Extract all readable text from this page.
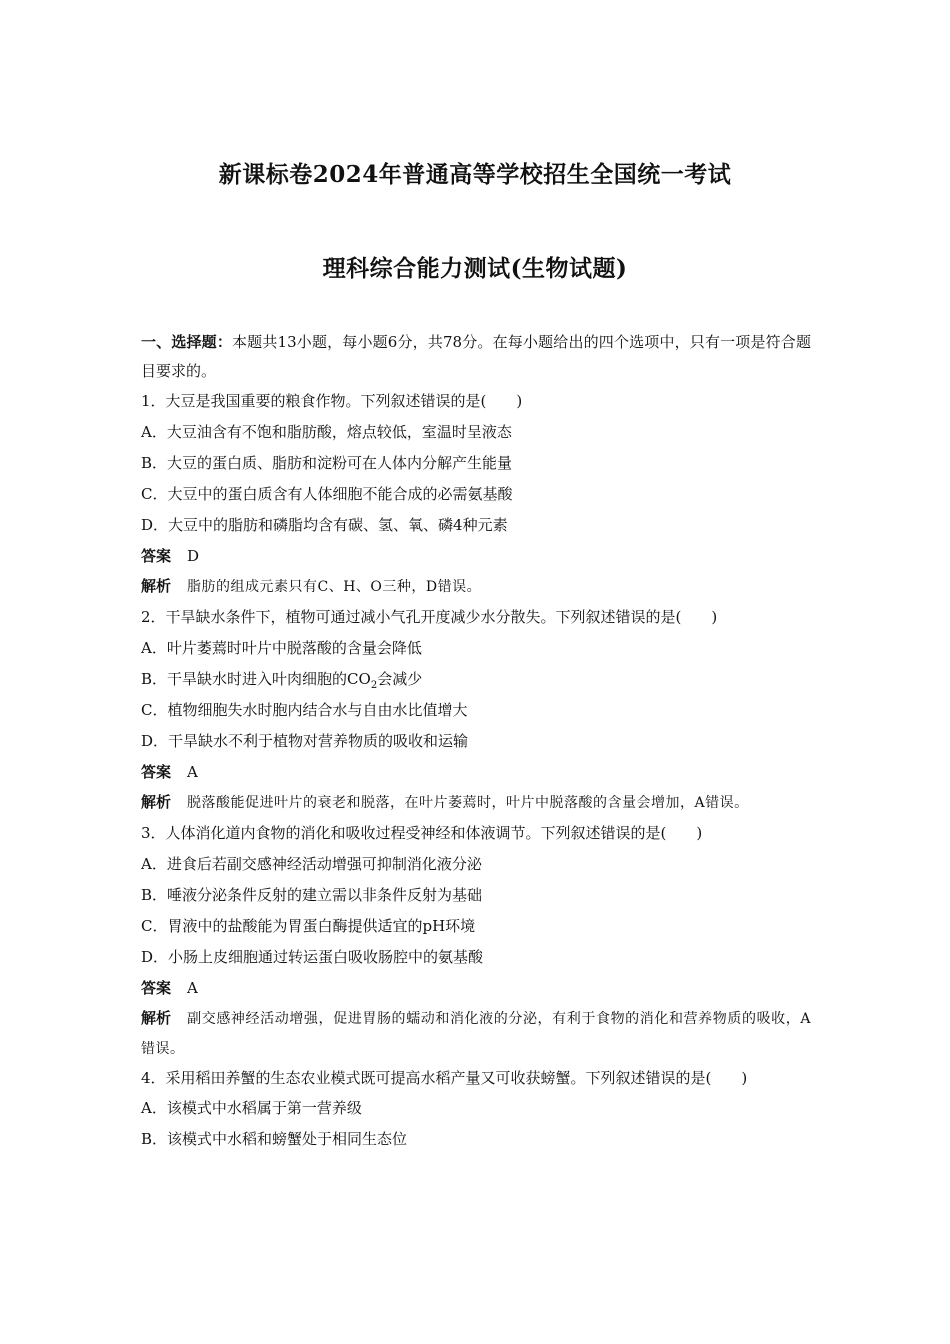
新课标卷2024年普通高等学校招生全国统一考试
理科综合能力测试(生物试题)
一、选择题：本题共13小题，每小题6分，共78分。在每小题给出的四个选项中，只有一项是符合题目要求的。
1．大豆是我国重要的粮食作物。下列叙述错误的是(　　)
A．大豆油含有不饱和脂肪酸，熔点较低，室温时呈液态
B．大豆的蛋白质、脂肪和淀粉可在人体内分解产生能量
C．大豆中的蛋白质含有人体细胞不能合成的必需氨基酸
D．大豆中的脂肪和磷脂均含有碳、氢、氧、磷4种元素
答案 D
解析 脂肪的组成元素只有C、H、O三种，D错误。
2．干旱缺水条件下，植物可通过减小气孔开度减少水分散失。下列叙述错误的是(　　)
A．叶片萎蔫时叶片中脱落酸的含量会降低
B．干旱缺水时进入叶肉细胞的$CO_2$会减少
C．植物细胞失水时胞内结合水与自由水比值增大
D．干旱缺水不利于植物对营养物质的吸收和运输
答案 A
解析 脱落酸能促进叶片的衰老和脱落，在叶片萎蔫时，叶片中脱落酸的含量会增加，A错误。
3．人体消化道内食物的消化和吸收过程受神经和体液调节。下列叙述错误的是(　　)
A．进食后若副交感神经活动增强可抑制消化液分泌
B．唾液分泌条件反射的建立需以非条件反射为基础
C．胃液中的盐酸能为胃蛋白酶提供适宜的pH环境
D．小肠上皮细胞通过转运蛋白吸收肠腔中的氨基酸
答案 A
解析 副交感神经活动增强，促进胃肠的蠕动和消化液的分泌，有利于食物的消化和营养物质的吸收，A错误。
4．采用稻田养蟹的生态农业模式既可提高水稻产量又可收获螃蟹。下列叙述错误的是(　　)
A．该模式中水稻属于第一营养级
B．该模式中水稻和螃蟹处于相同生态位
